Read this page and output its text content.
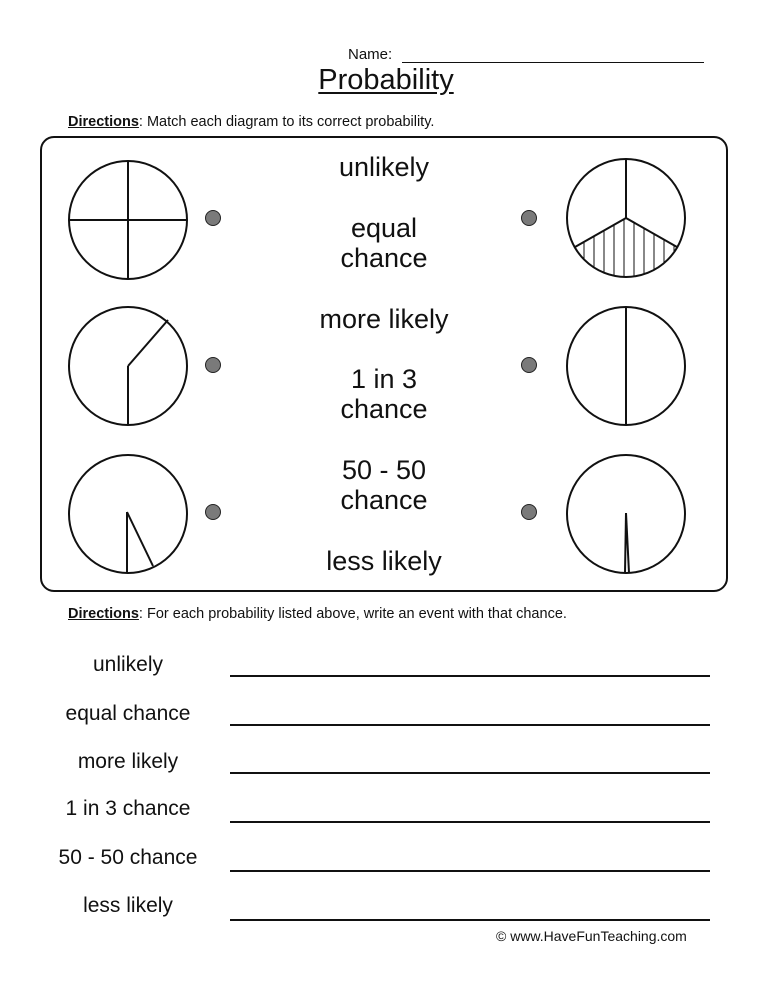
Name:
Probability
Directions: Match each diagram to its correct probability.
unlikely
equal
chance
more likely
1 in 3
chance
50 - 50
chance
less likely
Directions: For each probability listed above, write an event with that chance.
unlikely
equal chance
more likely
1 in 3 chance
50 - 50 chance
less likely
© www.HaveFunTeaching.com
